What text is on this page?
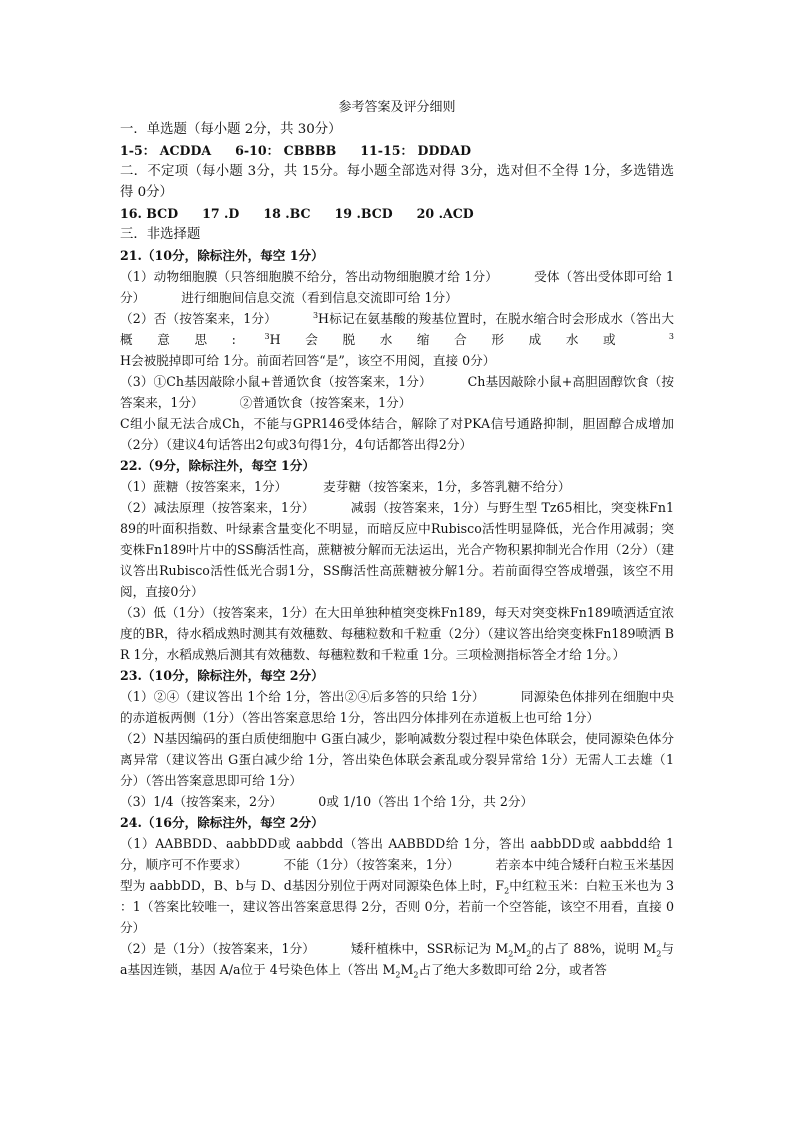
参考答案及评分细则

一．单选题（每小题 2分，共 30分）

1-5： ACDDA 6-10： CBBBB 11-15： DDDAD

二．不定项（每小题 3分，共 15分。每小题全部选对得 3分，选对但不全得 1分，多选错选得 0分）

16. BCD 17 .D 18 .BC 19 .BCD 20 .ACD

三．非选择题

21.（10分，除标注外，每空 1分）

（1）动物细胞膜（只答细胞膜不给分，答出动物细胞膜才给 1分）	受体（答出受体即可给 1分）	进行细胞间信息交流（看到信息交流即可给 1分）

（2）否（按答案来，1分）	$^3$H标记在氨基酸的羧基位置时，在脱水缩合时会形成水（答出大概意思: $^3$H会脱水缩合形成水或 $^3$H会被脱掉即可给 1分。前面若回答“是”，该空不用阅，直接 0分）

（3）①Ch基因敲除小鼠+普通饮食（按答案来，1分）	Ch基因敲除小鼠+高胆固醇饮食（按答案来，1分）	②普通饮食（按答案来，1分）

C组小鼠无法合成Ch，不能与GPR146受体结合，解除了对PKA信号通路抑制，胆固醇合成增加（2分）（建议4句话答出2句或3句得1分，4句话都答出得2分）

22.（9分，除标注外，每空 1分）

（1）蔗糖（按答案来，1分）	麦芽糖（按答案来，1分，多答乳糖不给分）

（2）减法原理（按答案来，1分）	减弱（按答案来，1分）与野生型 Tz65相比，突变株Fn189的叶面积指数、叶绿素含量变化不明显，而暗反应中Rubisco活性明显降低，光合作用减弱；突变株Fn189叶片中的SS酶活性高，蔗糖被分解而无法运出，光合产物积累抑制光合作用（2分）（建议答出Rubisco活性低光合弱1分，SS酶活性高蔗糖被分解1分。若前面得空答成增强，该空不用阅，直接0分）

（3）低（1分）（按答案来，1分）在大田单独种植突变株Fn189，每天对突变株Fn189喷洒适宜浓度的BR，待水稻成熟时测其有效穗数、每穗粒数和千粒重（2分）（建议答出给突变株Fn189喷洒 BR 1分，水稻成熟后测其有效穗数、每穗粒数和千粒重 1分。三项检测指标答全才给 1分。）

23.（10分，除标注外，每空 2分）

（1）②④（建议答出 1个给 1分，答出②④后多答的只给 1分）	同源染色体排列在细胞中央的赤道板两侧（1分）（答出答案意思给 1分，答出四分体排列在赤道板上也可给 1分）

（2）N基因编码的蛋白质使细胞中 G蛋白减少，影响减数分裂过程中染色体联会，使同源染色体分离异常（建议答出 G蛋白减少给 1分，答出染色体联会紊乱或分裂异常给 1分）无需人工去雄（1分）（答出答案意思即可给 1分）

（3）1/4（按答案来，2分）	0或 1/10（答出 1个给 1分，共 2分）

24.（16分，除标注外，每空 2分）

（1）AABBDD、aabbDD或 aabbdd（答出 AABBDD给 1分，答出 aabbDD或 aabbdd给 1分，顺序可不作要求）	不能（1分）（按答案来，1分）	若亲本中纯合矮秆白粒玉米基因型为 aabbDD，B、b与 D、d基因分别位于两对同源染色体上时，$F_2$中红粒玉米：白粒玉米也为 3 ：1（答案比较唯一，建议答出答案意思得 2分，否则 0分，若前一个空答能，该空不用看，直接 0分）

（2）是（1分）（按答案来，1分）	矮秆植株中，SSR标记为 $M_2M_2$的占了 88%，说明 $M_2$与 a基因连锁，基因 A/a位于 4号染色体上（答出 $M_2M_2$占了绝大多数即可给 2分，或者答
